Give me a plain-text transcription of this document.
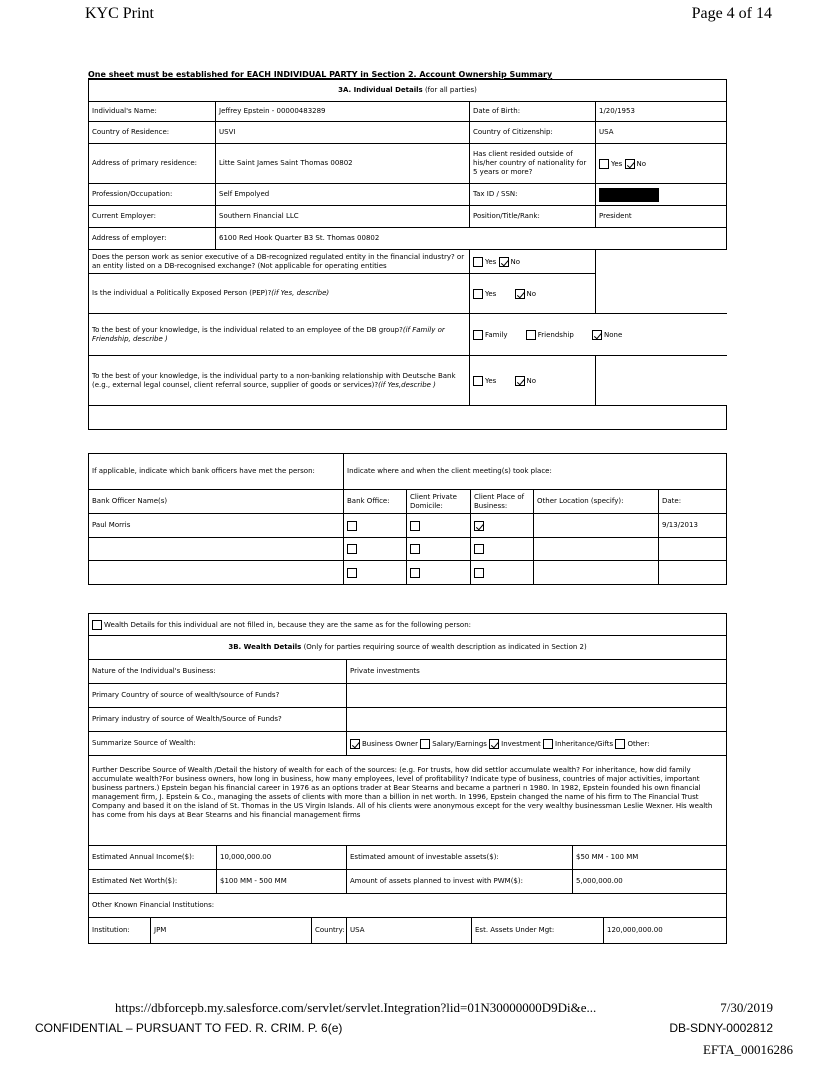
KYC Print	Page 4 of 14
One sheet must be established for EACH INDIVIDUAL PARTY in Section 2. Account Ownership Summary
3A. Individual Details (for all parties)			
Individual's Name:	Jeffrey Epstein - 00000483289	Date of Birth:	1/20/1953
Country of Residence:	USVI	Country of Citizenship:	USA
Address of primary residence:	Litte Saint James Saint Thomas 00802	Has client resided outside of his/her country of nationality for 5 years or more?	Yes No
Profession/Occupation:	Self Empolyed	Tax ID / SSN:	
Current Employer:	Southern Financial LLC	Position/Title/Rank:	President
Address of employer:	6100 Red Hook Quarter B3 St. Thomas 00802		
Does the person work as senior executive of a DB-recognized regulated entity in the financial industry? or an entity listed on a DB-recognised exchange? (Not applicable for operating entities		Yes No	
Is the individual a Politically Exposed Person (PEP)?(if Yes, describe)		Yes No	
To the best of your knowledge, is the individual related to an employee of the DB group?(if Family or Friendship, describe )		Family Friendship None	
To the best of your knowledge, is the individual party to a non-banking relationship with Deutsche Bank (e.g., external legal counsel, client referral source, supplier of goods or services)?(if Yes,describe )		Yes No	

If applicable, indicate which bank officers have met the person:	Indicate where and when the client meeting(s) took place:				
Bank Officer Name(s)	Bank Office:	Client Private Domicile:	Client Place of Business:	Other Location (specify):	Date:
Paul Morris					9/13/2013

Wealth Details for this individual are not filled in, because they are the same as for the following person:							
3B. Wealth Details (Only for parties requiring source of wealth description as indicated in Section 2)							
Nature of the Individual's Business:				Private investments			
Primary Country of source of wealth/source of Funds?							
Primary industry of source of Wealth/Source of Funds?							
Summarize Source of Wealth:				Business Owner Salary/Earnings Investment Inheritance/Gifts Other:			
Further Describe Source of Wealth /Detail the history of wealth for each of the sources: (e.g. For trusts, how did settlor accumulate wealth? For inheritance, how did family accumulate wealth?For business owners, how long in business, how many employees, level of profitability? Indicate type of business, countries of major activities, important business partners.) Epstein began his financial career in 1976 as an options trader at Bear Stearns and became a partneri n 1980. In 1982, Epstein founded his own financial management firm, J. Epstein & Co., managing the assets of clients with more than a billion in net worth. In 1996, Epstein changed the name of his firm to The Financial Trust Company and based it on the island of St. Thomas in the US Virgin Islands. All of his clients were anonymous except for the very wealthy businessman Leslie Wexner. His wealth has come from his days at Bear Stearns and his financial management firms							
Estimated Annual Income($):		10,000,000.00		Estimated amount of investable assets($):		$50 MM - 100 MM	
Estimated Net Worth($):		$100 MM - 500 MM		Amount of assets planned to invest with PWM($):		5,000,000.00	
Other Known Financial Institutions:							
Institution:	JPM		Country:	USA	Est. Assets Under Mgt:		120,000,000.00
https://dbforcepb.my.salesforce.com/servlet/servlet.Integration?lid=01N30000000D9Di&e...	7/30/2019
CONFIDENTIAL – PURSUANT TO FED. R. CRIM. P. 6(e)	DB-SDNY-0002812
EFTA_00016286
